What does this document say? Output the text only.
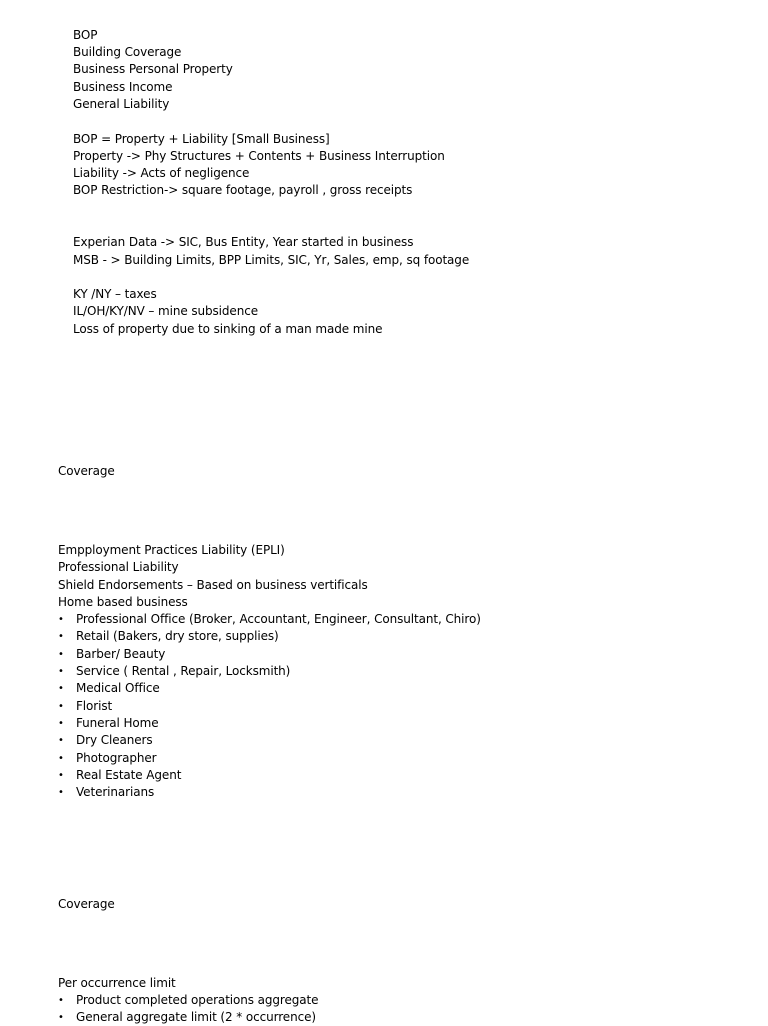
BOP
Building Coverage
Business Personal Property
Business Income
General Liability
BOP = Property + Liability [Small Business]
Property -> Phy Structures + Contents + Business Interruption
Liability -> Acts of negligence
BOP Restriction-> square footage, payroll , gross receipts
Experian Data -> SIC, Bus Entity, Year started in business
MSB - > Building Limits, BPP Limits, SIC, Yr, Sales, emp, sq footage
KY /NY – taxes
IL/OH/KY/NV – mine subsidence
Loss of property due to sinking of a man made mine
Coverage
Empployment Practices Liability (EPLI)
Professional Liability
Shield Endorsements – Based on business vertificals
Home based business
• Professional Office (Broker, Accountant, Engineer, Consultant, Chiro)
• Retail (Bakers, dry store, supplies)
• Barber/ Beauty
• Service ( Rental , Repair, Locksmith)
• Medical Office
• Florist
• Funeral Home
• Dry Cleaners
• Photographer
• Real Estate Agent
• Veterinarians
Coverage
Per occurrence limit
• Product completed operations aggregate
• General aggregate limit (2 * occurrence)
